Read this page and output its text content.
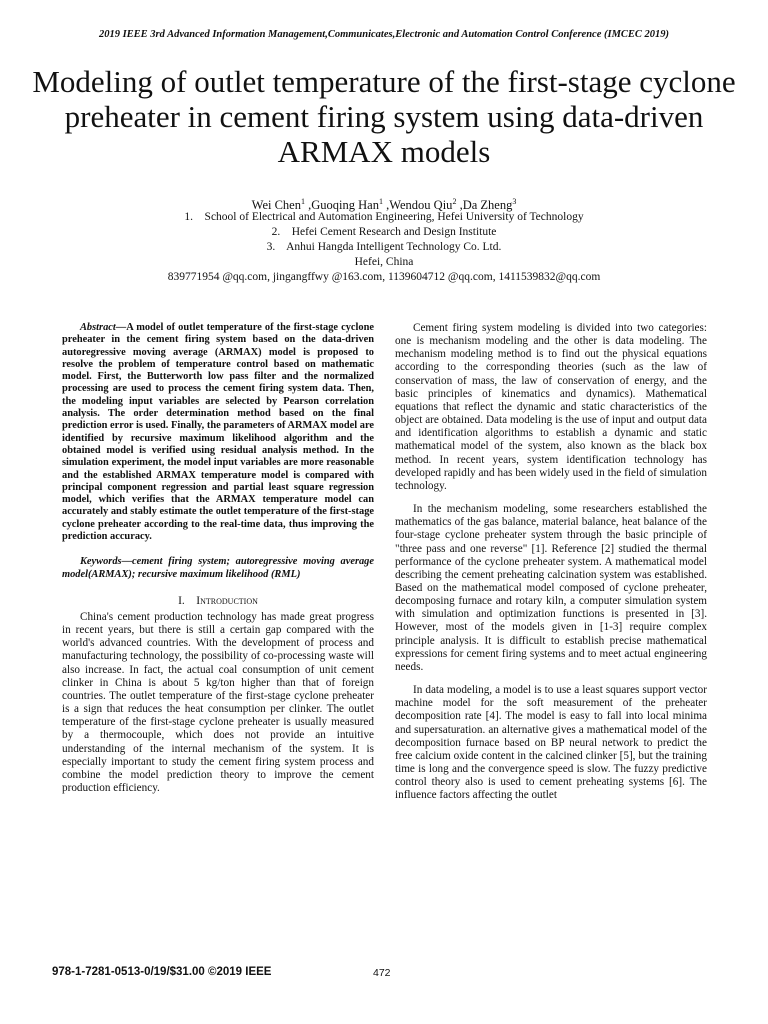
2019 IEEE 3rd Advanced Information Management,Communicates,Electronic and Automation Control Conference (IMCEC 2019)
Modeling of outlet temperature of the first-stage cyclone preheater in cement firing system using data-driven ARMAX models
Wei Chen$^1$ ,Guoqing Han$^1$ ,Wendou Qiu$^2$ ,Da Zheng$^3$
1.    School of Electrical and Automation Engineering, Hefei University of Technology
2.    Hefei Cement Research and Design Institute
3.    Anhui Hangda Intelligent Technology Co. Ltd.
Hefei, China
839771954 @qq.com, jingangffwy @163.com, 1139604712 @qq.com, 1411539832@qq.com

Abstract—A model of outlet temperature of the first-stage cyclone preheater in the cement firing system based on the data-driven autoregressive moving average (ARMAX) model is proposed to resolve the problem of temperature control based on mathematic model. First, the Butterworth low pass filter and the normalized processing are used to process the cement firing system data. Then, the modeling input variables are selected by Pearson correlation analysis. The order determination method based on the final prediction error is used. Finally, the parameters of ARMAX model are identified by recursive maximum likelihood algorithm and the obtained model is verified using residual analysis method. In the simulation experiment, the model input variables are more reasonable and the established ARMAX temperature model is compared with principal component regression and partial least square regression model, which verifies that the ARMAX temperature model can accurately and stably estimate the outlet temperature of the first-stage cyclone preheater according to the real-time data, thus improving the prediction accuracy.

Keywords—cement firing system; autoregressive moving average model(ARMAX); recursive maximum likelihood (RML)

I. Introduction

China's cement production technology has made great progress in recent years, but there is still a certain gap compared with the world's advanced countries. With the development of process and manufacturing technology, the possibility of co-processing waste will also increase. In fact, the actual coal consumption of unit cement clinker in China is about 5 kg/ton higher than that of foreign countries. The outlet temperature of the first-stage cyclone preheater is a sign that reduces the heat consumption per clinker. The outlet temperature of the first-stage cyclone preheater is usually measured by a thermocouple, which does not provide an intuitive understanding of the internal mechanism of the system. It is especially important to study the cement firing system process and combine the model prediction theory to improve the cement production efficiency.

Cement firing system modeling is divided into two categories: one is mechanism modeling and the other is data modeling. The mechanism modeling method is to find out the physical equations according to the corresponding theories (such as the law of conservation of mass, the law of conservation of energy, and the basic principles of kinematics and dynamics). Mathematical equations that reflect the dynamic and static characteristics of the object are obtained. Data modeling is the use of input and output data and identification algorithms to establish a dynamic and static mathematical model of the system, also known as the black box method. In recent years, system identification technology has developed rapidly and has been widely used in the field of simulation technology.

In the mechanism modeling, some researchers established the mathematics of the gas balance, material balance, heat balance of the four-stage cyclone preheater system through the basic principle of "three pass and one reverse" [1]. Reference [2] studied the thermal performance of the cyclone preheater system. A mathematical model describing the cement preheating calcination system was established. Based on the mathematical model composed of cyclone preheater, decomposing furnace and rotary kiln, a computer simulation system with simulation and optimization functions is presented in [3]. However, most of the models given in [1-3] require complex principle analysis. It is difficult to establish precise mathematical expressions for cement firing systems and to meet actual engineering needs.

In data modeling, a model is to use a least squares support vector machine model for the soft measurement of the preheater decomposition rate [4]. The model is easy to fall into local minima and supersaturation. an alternative gives a mathematical model of the decomposition furnace based on BP neural network to predict the free calcium oxide content in the calcined clinker [5], but the training time is long and the convergence speed is slow. The fuzzy predictive control theory also is used to cement preheating systems [6]. The influence factors affecting the outlet

978-1-7281-0513-0/19/$31.00 ©2019 IEEE	472
